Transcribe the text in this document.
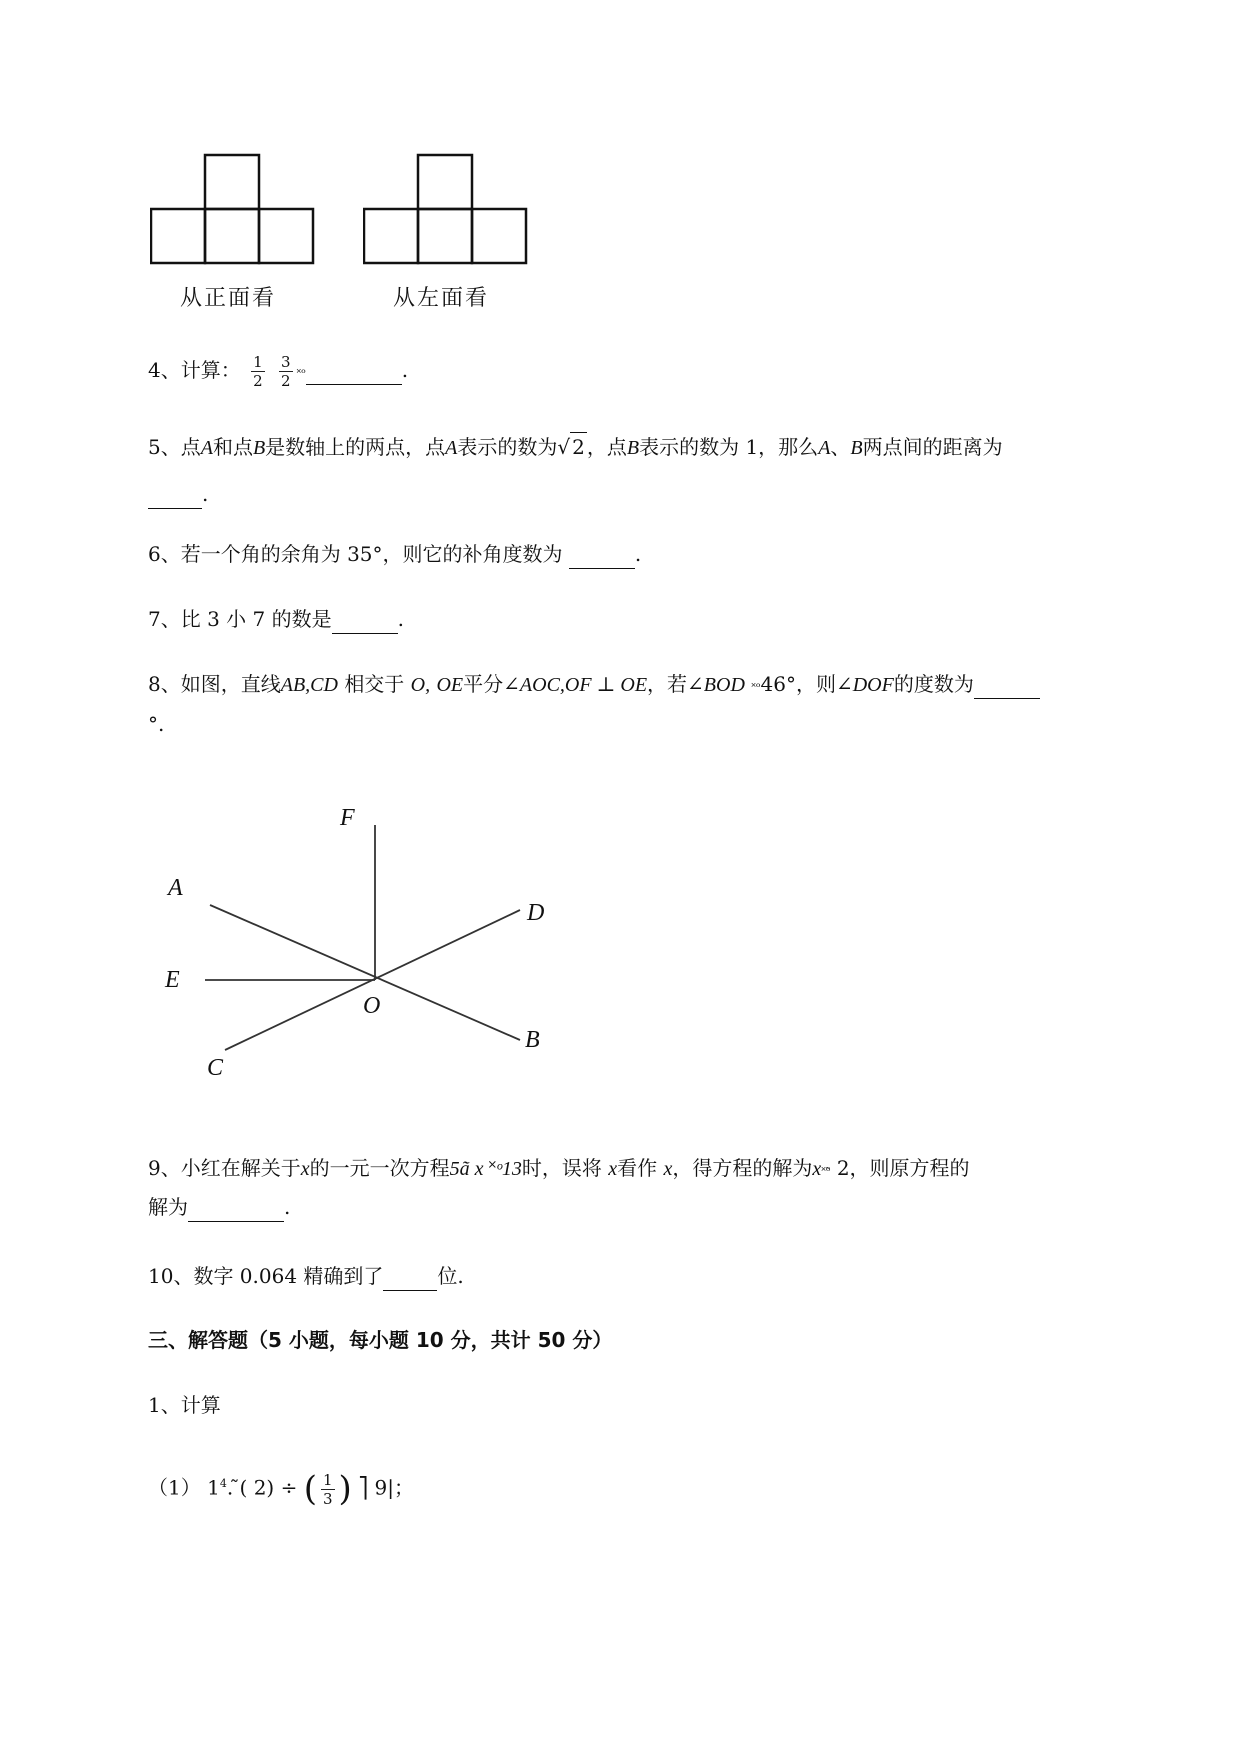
从正面看	从左面看
4、计算： $\frac{1}{2}$
$\frac{3}{2}$ ˟ᵒ	.
5、点A和点B是数轴上的两点，点A表示的数为√ 2 ，点B表示的数为 1，那么A、B两点间的距离为
.
6、若一个角的余角为 35°，则它的补角度数为	.
7、比 3 小 7 的数是	.
8、如图，直线AB,CD 相交于 O, OE平分∠AOC,OF ⊥ OE，若∠BOD ˟ᵒ46°，则∠DOF的度数为
°.
F
A
D
E
O
B
C
9、小红在解关于x的一元一次方程5ã x ˟ᵒ13时，误将 x看作 x，得方程的解为x˟̃ᵒ 2，则原方程的
解为	.
10、数字 0.064 精确到了	位.
三、解答题（5 小题，每小题 10 分，共计 50 分）
1、计算
（1） $1^4$. ̃( 2) ÷ ( $\frac{1}{3}$ ) ⎤ 9|；
